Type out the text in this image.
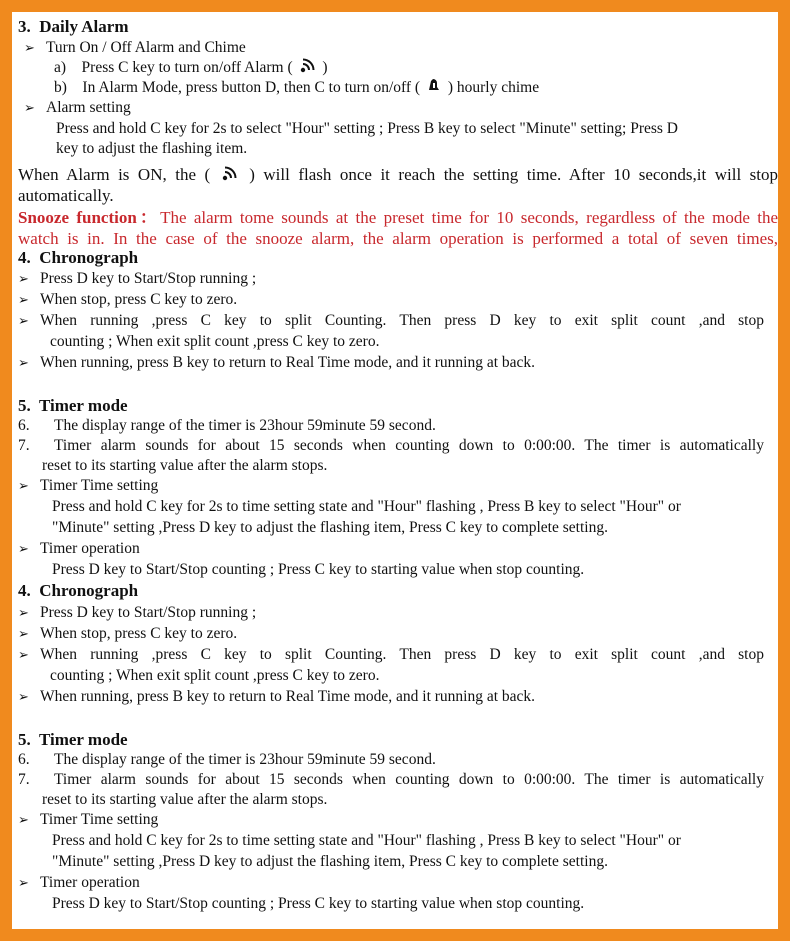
3. Daily Alarm
➢ Turn On / Off Alarm and Chime
a) Press C key to turn on/off Alarm ( )
b) In Alarm Mode, press button D, then C to turn on/off ( ) hourly chime
➢ Alarm setting
Press and hold C key for 2s to select "Hour" setting ; Press B key to select "Minute" setting; Press D
key to adjust the flashing item.
When Alarm is ON, the ( ) will flash once it reach the setting time. After 10 seconds,it will stop
automatically.
Snooze function：The alarm tome sounds at the preset time for 10 seconds, regardless of the mode the
watch is in. In the case of the snooze alarm, the alarm operation is performed a total of seven times,
4. Chronograph
➢ Press D key to Start/Stop running ;
➢ When stop, press C key to zero.
➢ When running ,press C key to split Counting. Then press D key to exit split count ,and stop
counting ; When exit split count ,press C key to zero.
➢ When running, press B key to return to Real Time mode, and it running at back.
5. Timer mode
6. The display range of the timer is 23hour 59minute 59 second.
7. Timer alarm sounds for about 15 seconds when counting down to 0:00:00. The timer is automatically
reset to its starting value after the alarm stops.
➢ Timer Time setting
Press and hold C key for 2s to time setting state and "Hour" flashing , Press B key to select "Hour" or
"Minute" setting ,Press D key to adjust the flashing item, Press C key to complete setting.
➢ Timer operation
Press D key to Start/Stop counting ; Press C key to starting value when stop counting.
4. Chronograph
➢ Press D key to Start/Stop running ;
➢ When stop, press C key to zero.
➢ When running ,press C key to split Counting. Then press D key to exit split count ,and stop
counting ; When exit split count ,press C key to zero.
➢ When running, press B key to return to Real Time mode, and it running at back.
5. Timer mode
6. The display range of the timer is 23hour 59minute 59 second.
7. Timer alarm sounds for about 15 seconds when counting down to 0:00:00. The timer is automatically
reset to its starting value after the alarm stops.
➢ Timer Time setting
Press and hold C key for 2s to time setting state and "Hour" flashing , Press B key to select "Hour" or
"Minute" setting ,Press D key to adjust the flashing item, Press C key to complete setting.
➢ Timer operation
Press D key to Start/Stop counting ; Press C key to starting value when stop counting.
